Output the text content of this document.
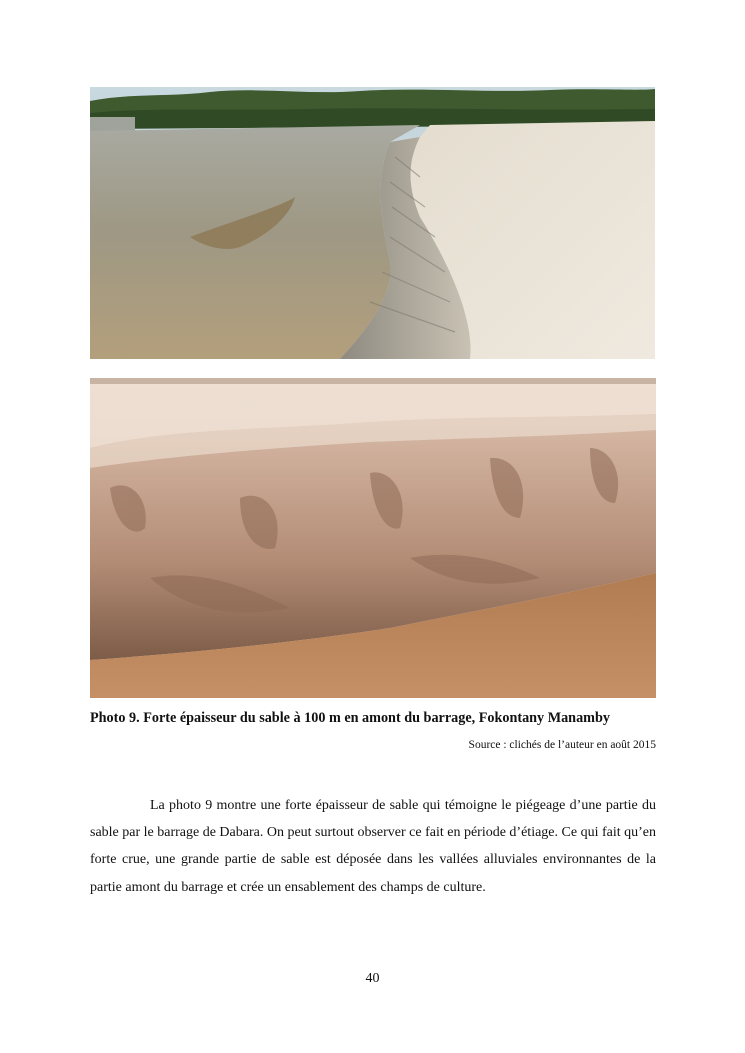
Photo 9. Forte épaisseur du sable à 100 m en amont du barrage, Fokontany Manamby
Source : clichés de l’auteur en août 2015

La photo 9 montre une forte épaisseur de sable qui témoigne le piégeage d’une partie du sable par le barrage de Dabara. On peut surtout observer ce fait en période d’étiage. Ce qui fait qu’en forte crue, une grande partie de sable est déposée dans les vallées alluviales environnantes de la partie amont du barrage et crée un ensablement des champs de culture.

40
